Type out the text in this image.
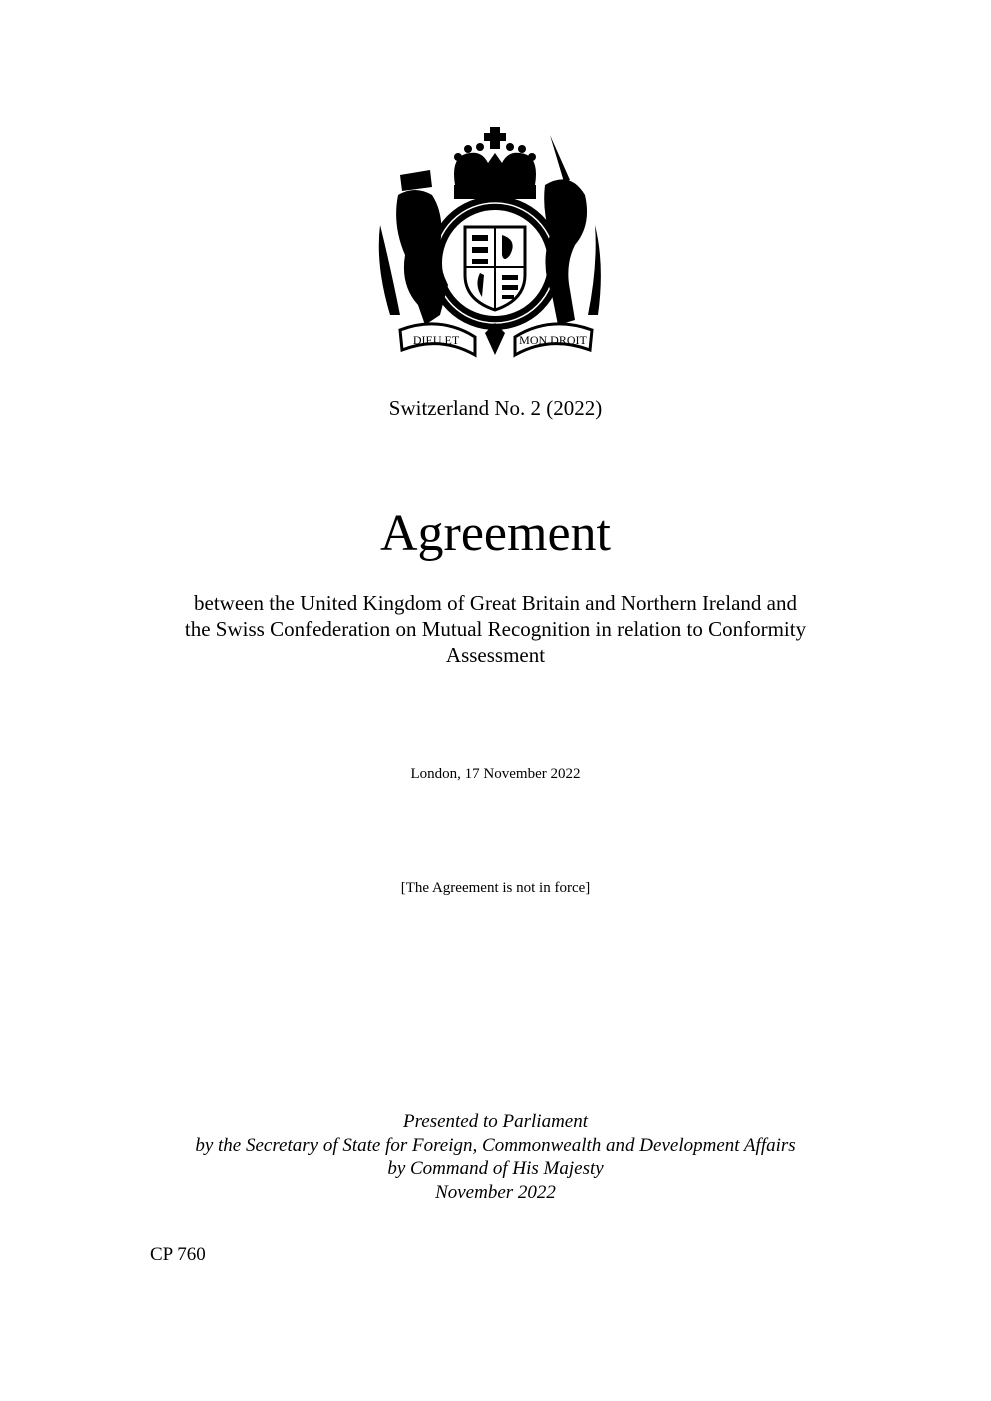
DIEU ET	MON DROIT
Switzerland No. 2 (2022)
Agreement
between the United Kingdom of Great Britain and Northern Ireland and
the Swiss Confederation on Mutual Recognition in relation to Conformity
Assessment
London, 17 November 2022
[The Agreement is not in force]
Presented to Parliament
by the Secretary of State for Foreign, Commonwealth and Development Affairs
by Command of His Majesty
November 2022
CP 760
